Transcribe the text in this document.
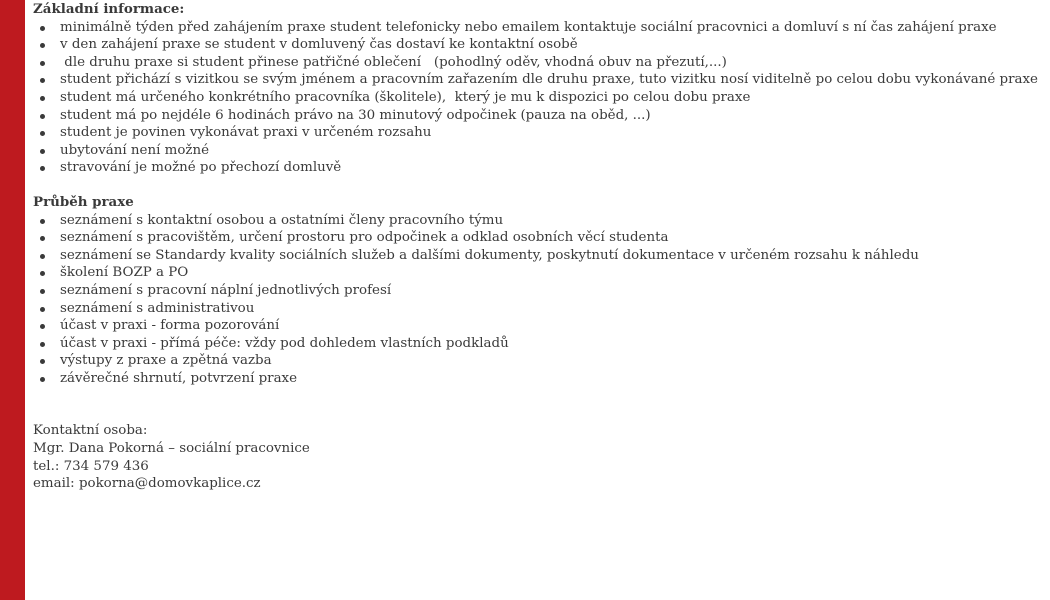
Základní informace:
minimálně týden před zahájením praxe student telefonicky nebo emailem kontaktuje sociální pracovnici a domluví s ní čas zahájení praxe
v den zahájení praxe se student v domluvený čas dostaví ke kontaktní osobě
dle druhu praxe si student přinese patřičné oblečení   (pohodlný oděv, vhodná obuv na přezutí,...)
student přichází s vizitkou se svým jménem a pracovním zařazením dle druhu praxe, tuto vizitku nosí viditelně po celou dobu vykonávané praxe
student má určeného konkrétního pracovníka (školitele),  který je mu k dispozici po celou dobu praxe
student má po nejdéle 6 hodinách právo na 30 minutový odpočinek (pauza na oběd, ...)
student je povinen vykonávat praxi v určeném rozsahu
ubytování není možné
stravování je možné po přechozí domluvě
Průběh praxe
seznámení s kontaktní osobou a ostatními členy pracovního týmu
seznámení s pracovištěm, určení prostoru pro odpočinek a odklad osobních věcí studenta
seznámení se Standardy kvality sociálních služeb a dalšími dokumenty, poskytnutí dokumentace v určeném rozsahu k náhledu
školení BOZP a PO
seznámení s pracovní náplní jednotlivých profesí
seznámení s administrativou
účast v praxi - forma pozorování
účast v praxi - přímá péče: vždy pod dohledem vlastních podkladů
výstupy z praxe a zpětná vazba
závěrečné shrnutí, potvrzení praxe
Kontaktní osoba:
Mgr. Dana Pokorná – sociální pracovnice
tel.: 734 579 436
email: pokorna@domovkaplice.cz
